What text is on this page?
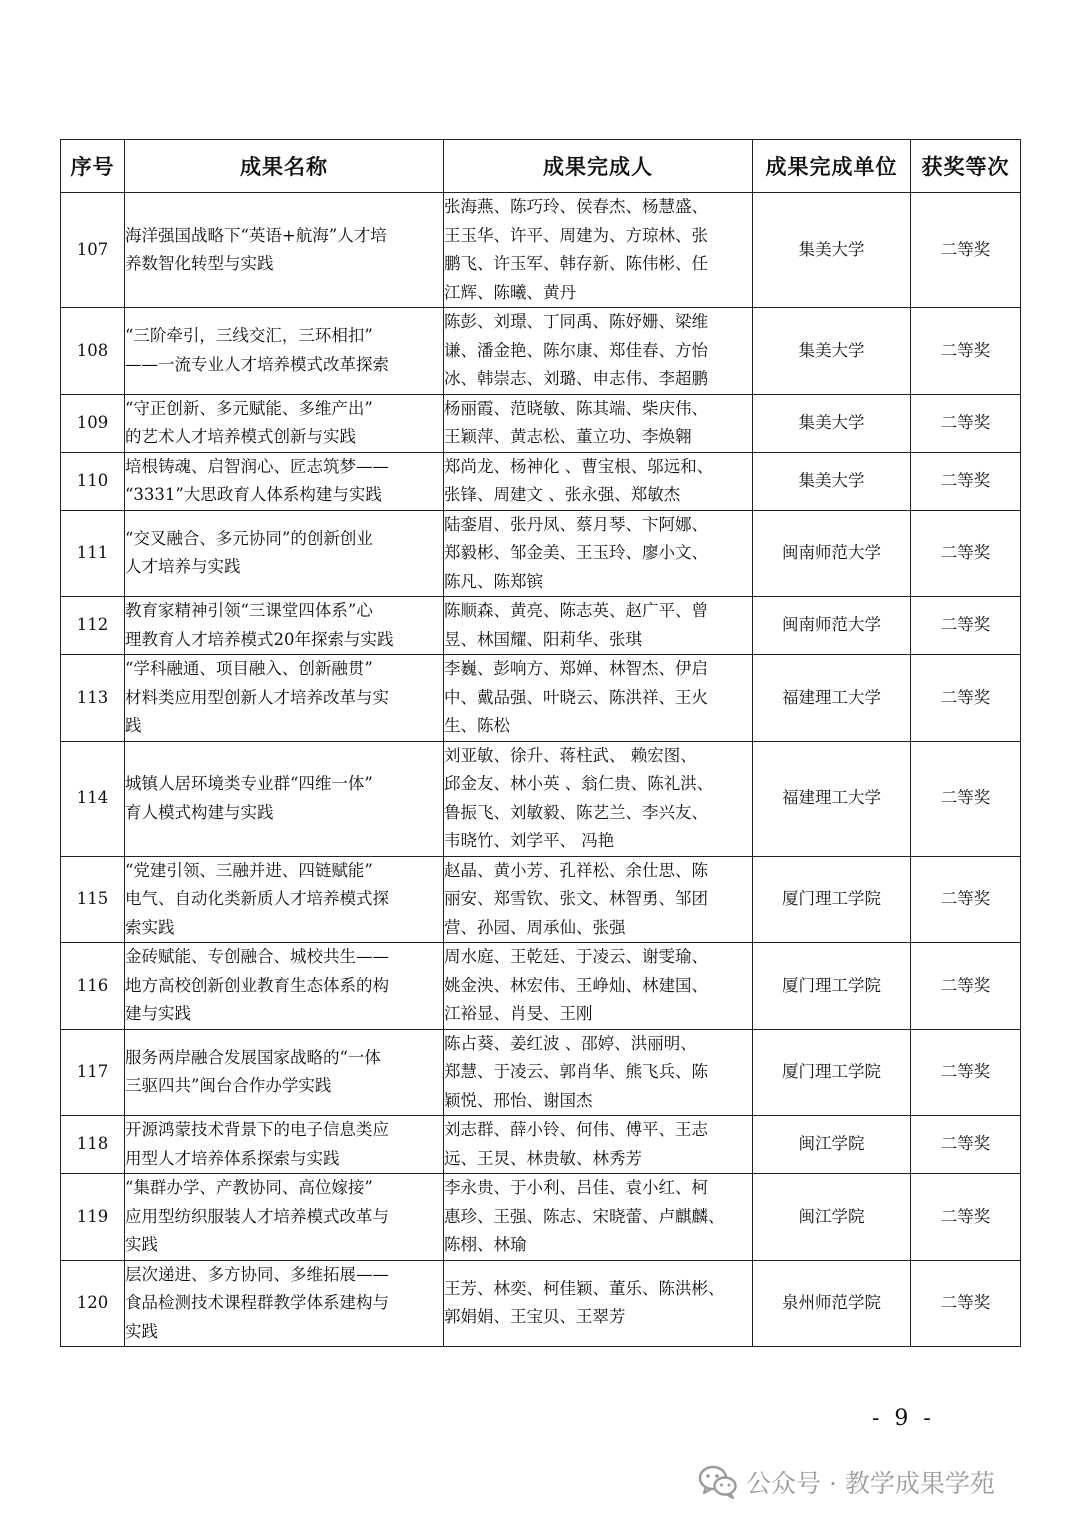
序号	成果名称	成果完成人	成果完成单位	获奖等次
107	海洋强国战略下“英语+航海”人才培
养数智化转型与实践	张海燕、陈巧玲、侯春杰、杨慧盛、
王玉华、许平、周建为、方琼林、张
鹏飞、许玉军、韩存新、陈伟彬、任
江辉、陈曦、黄丹	集美大学	二等奖
108	“三阶牵引，三线交汇，三环相扣”
——一流专业人才培养模式改革探索	陈彭、刘璟、丁同禹、陈妤姗、梁维
谦、潘金艳、陈尔康、郑佳春、方怡
冰、韩崇志、刘璐、申志伟、李超鹏	集美大学	二等奖
109	“守正创新、多元赋能、多维产出”
的艺术人才培养模式创新与实践	杨丽霞、范晓敏、陈其端、柴庆伟、
王颖萍、黄志松、董立功、李焕翱	集美大学	二等奖
110	培根铸魂、启智润心、匠志筑梦——
“3331”大思政育人体系构建与实践	郑尚龙、杨神化 、曹宝根、邬远和、
张锋、周建文 、张永强、郑敏杰	集美大学	二等奖
111	“交叉融合、多元协同”的创新创业
人才培养与实践	陆銮眉、张丹凤、蔡月琴、卞阿娜、
郑毅彬、邹金美、王玉玲、廖小文、
陈凡、陈郑镔	闽南师范大学	二等奖
112	教育家精神引领“三课堂四体系”心
理教育人才培养模式20年探索与实践	陈顺森、黄亮、陈志英、赵广平、曾
昱、林国耀、阳莉华、张琪	闽南师范大学	二等奖
113	“学科融通、项目融入、创新融贯”
材料类应用型创新人才培养改革与实
践	李巍、彭响方、郑婵、林智杰、伊启
中、戴品强、叶晓云、陈洪祥、王火
生、陈松	福建理工大学	二等奖
114	城镇人居环境类专业群“四维一体”
育人模式构建与实践	刘亚敏、徐升、蒋柱武、 赖宏图、
邱金友、林小英 、翁仁贵、陈礼洪、
鲁振飞、刘敏毅、陈艺兰、李兴友、
韦晓竹、刘学平、 冯艳	福建理工大学	二等奖
115	“党建引领、三融并进、四链赋能”
电气、自动化类新质人才培养模式探
索实践	赵晶、黄小芳、孔祥松、余仕思、陈
丽安、郑雪钦、张文、林智勇、邹团
营、孙园、周承仙、张强	厦门理工学院	二等奖
116	金砖赋能、专创融合、城校共生——
地方高校创新创业教育生态体系的构
建与实践	周水庭、王乾廷、于凌云、谢雯瑜、
姚金泱、林宏伟、王峥灿、林建国、
江裕显、肖旻、王刚	厦门理工学院	二等奖
117	服务两岸融合发展国家战略的“一体
三驱四共”闽台合作办学实践	陈占葵、姜红波 、邵婷、洪丽明、
郑慧、于凌云、郭肖华、熊飞兵、陈
颖悦、邢怡、谢国杰	厦门理工学院	二等奖
118	开源鸿蒙技术背景下的电子信息类应
用型人才培养体系探索与实践	刘志群、薛小铃、何伟、傅平、王志
远、王炅、林贵敏、林秀芳	闽江学院	二等奖
119	“集群办学、产教协同、高位嫁接”
应用型纺织服装人才培养模式改革与
实践	李永贵、于小利、吕佳、袁小红、柯
惠珍、王强、陈志、宋晓蕾、卢麒麟、
陈栩、林瑜	闽江学院	二等奖
120	层次递进、多方协同、多维拓展——
食品检测技术课程群教学体系建构与
实践	王芳、林奕、柯佳颖、董乐、陈洪彬、
郭娟娟、王宝贝、王翠芳	泉州师范学院	二等奖
- 9 -
公众号 · 教学成果学苑
